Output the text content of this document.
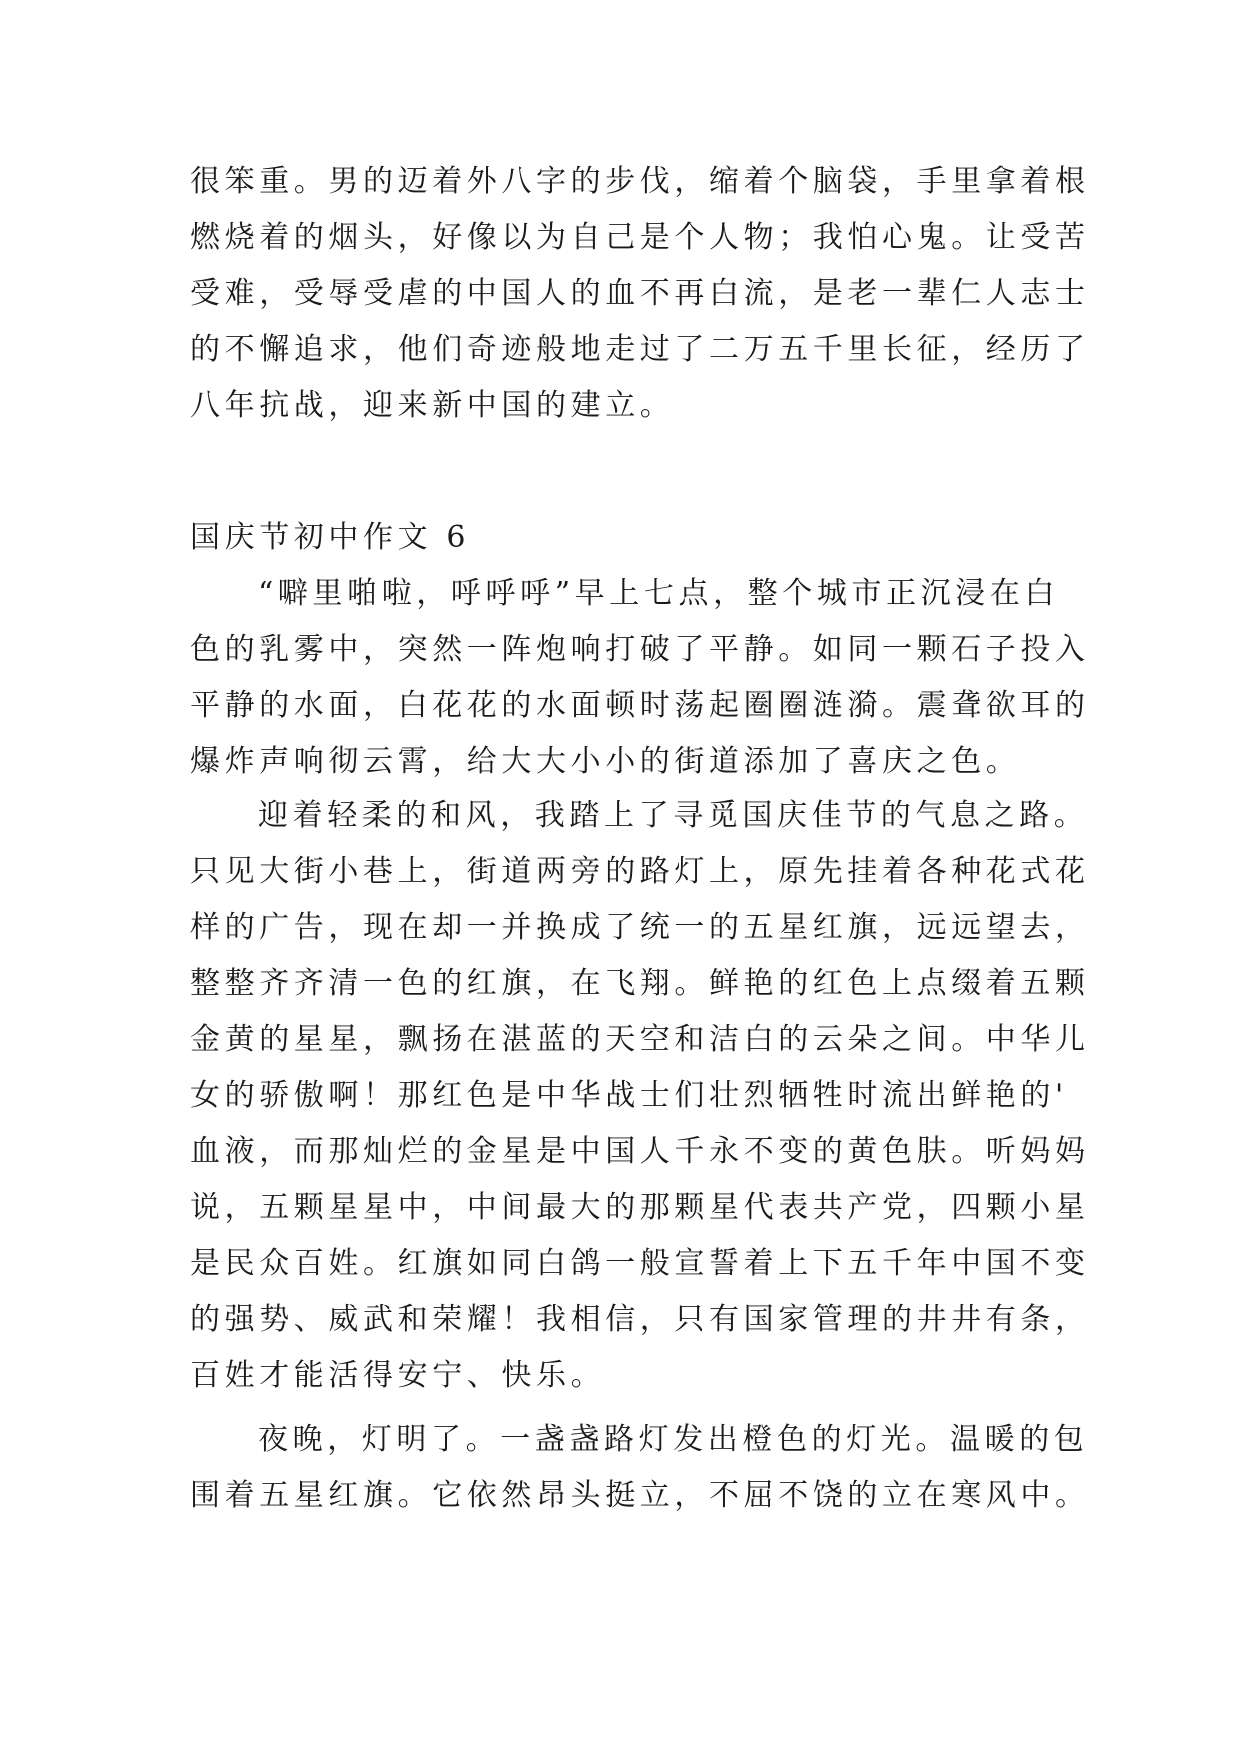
很笨重。男的迈着外八字的步伐，缩着个脑袋，手里拿着根
燃烧着的烟头，好像以为自己是个人物；我怕心鬼。让受苦
受难，受辱受虐的中国人的血不再白流，是老一辈仁人志士
的不懈追求，他们奇迹般地走过了二万五千里长征，经历了
八年抗战，迎来新中国的建立。
国庆节初中作文 6
“噼里啪啦，呼呼呼”早上七点，整个城市正沉浸在白
色的乳雾中，突然一阵炮响打破了平静。如同一颗石子投入
平静的水面，白花花的水面顿时荡起圈圈涟漪。震聋欲耳的
爆炸声响彻云霄，给大大小小的街道添加了喜庆之色。
迎着轻柔的和风，我踏上了寻觅国庆佳节的气息之路。
只见大街小巷上，街道两旁的路灯上，原先挂着各种花式花
样的广告，现在却一并换成了统一的五星红旗，远远望去，
整整齐齐清一色的红旗，在飞翔。鲜艳的红色上点缀着五颗
金黄的星星，飘扬在湛蓝的天空和洁白的云朵之间。中华儿
女的骄傲啊！那红色是中华战士们壮烈牺牲时流出鲜艳的'
血液，而那灿烂的金星是中国人千永不变的黄色肤。听妈妈
说，五颗星星中，中间最大的那颗星代表共产党，四颗小星
是民众百姓。红旗如同白鸽一般宣誓着上下五千年中国不变
的强势、威武和荣耀！我相信，只有国家管理的井井有条，
百姓才能活得安宁、快乐。
夜晚，灯明了。一盏盏路灯发出橙色的灯光。温暖的包
围着五星红旗。它依然昂头挺立，不屈不饶的立在寒风中。
